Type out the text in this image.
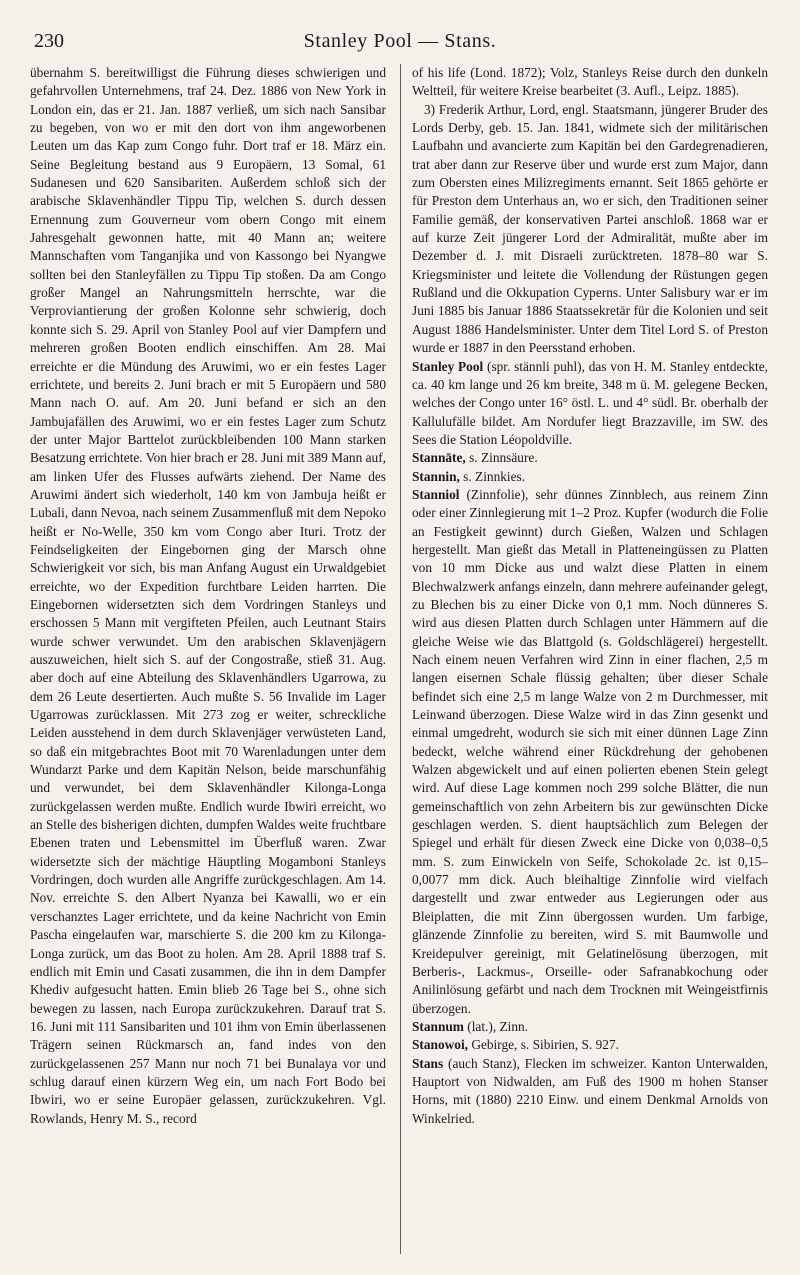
230	Stanley Pool — Stans.

übernahm S. bereitwilligst die Führung dieses schwierigen und gefahrvollen Unternehmens, traf 24. Dez. 1886 von New York in London ein, das er 21. Jan. 1887 verließ, um sich nach Sansibar zu begeben, von wo er mit den dort von ihm angeworbenen Leuten um das Kap zum Congo fuhr. Dort traf er 18. März ein. Seine Begleitung bestand aus 9 Europäern, 13 Somal, 61 Sudanesen und 620 Sansibariten. Außerdem schloß sich der arabische Sklavenhändler Tippu Tip, welchen S. durch dessen Ernennung zum Gouverneur vom obern Congo mit einem Jahresgehalt gewonnen hatte, mit 40 Mann an; weitere Mannschaften vom Tanganjika und von Kassongo bei Nyangwe sollten bei den Stanleyfällen zu Tippu Tip stoßen. Da am Congo großer Mangel an Nahrungsmitteln herrschte, war die Verproviantierung der großen Kolonne sehr schwierig, doch konnte sich S. 29. April von Stanley Pool auf vier Dampfern und mehreren großen Booten endlich einschiffen. Am 28. Mai erreichte er die Mündung des Aruwimi, wo er ein festes Lager errichtete, und bereits 2. Juni brach er mit 5 Europäern und 580 Mann nach O. auf. Am 20. Juni befand er sich an den Jambujafällen des Aruwimi, wo er ein festes Lager zum Schutz der unter Major Barttelot zurückbleibenden 100 Mann starken Besatzung errichtete. Von hier brach er 28. Juni mit 389 Mann auf, am linken Ufer des Flusses aufwärts ziehend. Der Name des Aruwimi ändert sich wiederholt, 140 km von Jambuja heißt er Lubali, dann Nevoa, nach seinem Zusammenfluß mit dem Nepoko heißt er No-Welle, 350 km vom Congo aber Ituri. Trotz der Feindseligkeiten der Eingebornen ging der Marsch ohne Schwierigkeit vor sich, bis man Anfang August ein Urwaldgebiet erreichte, wo der Expedition furchtbare Leiden harrten. Die Eingebornen widersetzten sich dem Vordringen Stanleys und erschossen 5 Mann mit vergifteten Pfeilen, auch Leutnant Stairs wurde schwer verwundet. Um den arabischen Sklavenjägern auszuweichen, hielt sich S. auf der Congostraße, stieß 31. Aug. aber doch auf eine Abteilung des Sklavenhändlers Ugarrowa, zu dem 26 Leute desertierten. Auch mußte S. 56 Invalide im Lager Ugarrowas zurücklassen. Mit 273 zog er weiter, schreckliche Leiden ausstehend in dem durch Sklavenjäger verwüsteten Land, so daß ein mitgebrachtes Boot mit 70 Warenladungen unter dem Wundarzt Parke und dem Kapitän Nelson, beide marschunfähig und verwundet, bei dem Sklavenhändler Kilonga-Longa zurückgelassen werden mußte. Endlich wurde Ibwiri erreicht, wo an Stelle des bisherigen dichten, dumpfen Waldes weite fruchtbare Ebenen traten und Lebensmittel im Überfluß waren. Zwar widersetzte sich der mächtige Häuptling Mogamboni Stanleys Vordringen, doch wurden alle Angriffe zurückgeschlagen. Am 14. Nov. erreichte S. den Albert Nyanza bei Kawalli, wo er ein verschanztes Lager errichtete, und da keine Nachricht von Emin Pascha eingelaufen war, marschierte S. die 200 km zu Kilonga-Longa zurück, um das Boot zu holen. Am 28. April 1888 traf S. endlich mit Emin und Casati zusammen, die ihn in dem Dampfer Khediv aufgesucht hatten. Emin blieb 26 Tage bei S., ohne sich bewegen zu lassen, nach Europa zurückzukehren. Darauf trat S. 16. Juni mit 111 Sansibariten und 101 ihm von Emin überlassenen Trägern seinen Rückmarsch an, fand indes von den zurückgelassenen 257 Mann nur noch 71 bei Bunalaya vor und schlug darauf einen kürzern Weg ein, um nach Fort Bodo bei Ibwiri, wo er seine Europäer gelassen, zurückzukehren. Vgl. Rowlands, Henry M. S., record

of his life (Lond. 1872); Volz, Stanleys Reise durch den dunkeln Weltteil, für weitere Kreise bearbeitet (3. Aufl., Leipz. 1885).

3) Frederik Arthur, Lord, engl. Staatsmann, jüngerer Bruder des Lords Derby, geb. 15. Jan. 1841, widmete sich der militärischen Laufbahn und avancierte zum Kapitän bei den Gardegrenadieren, trat aber dann zur Reserve über und wurde erst zum Major, dann zum Obersten eines Milizregiments ernannt. Seit 1865 gehörte er für Preston dem Unterhaus an, wo er sich, den Traditionen seiner Familie gemäß, der konservativen Partei anschloß. 1868 war er auf kurze Zeit jüngerer Lord der Admiralität, mußte aber im Dezember d. J. mit Disraeli zurücktreten. 1878–80 war S. Kriegsminister und leitete die Vollendung der Rüstungen gegen Rußland und die Okkupation Cyperns. Unter Salisbury war er im Juni 1885 bis Januar 1886 Staatssekretär für die Kolonien und seit August 1886 Handelsminister. Unter dem Titel Lord S. of Preston wurde er 1887 in den Peersstand erhoben.

Stanley Pool (spr. stännli puhl), das von H. M. Stanley entdeckte, ca. 40 km lange und 26 km breite, 348 m ü. M. gelegene Becken, welches der Congo unter 16° östl. L. und 4° südl. Br. oberhalb der Kallulufälle bildet. Am Nordufer liegt Brazzaville, im SW. des Sees die Station Léopoldville.

Stannāte, s. Zinnsäure.

Stannin, s. Zinnkies.

Stanniol (Zinnfolie), sehr dünnes Zinnblech, aus reinem Zinn oder einer Zinnlegierung mit 1–2 Proz. Kupfer (wodurch die Folie an Festigkeit gewinnt) durch Gießen, Walzen und Schlagen hergestellt. Man gießt das Metall in Platteneingüssen zu Platten von 10 mm Dicke aus und walzt diese Platten in einem Blechwalzwerk anfangs einzeln, dann mehrere aufeinander gelegt, zu Blechen bis zu einer Dicke von 0,1 mm. Noch dünneres S. wird aus diesen Platten durch Schlagen unter Hämmern auf die gleiche Weise wie das Blattgold (s. Goldschlägerei) hergestellt. Nach einem neuen Verfahren wird Zinn in einer flachen, 2,5 m langen eisernen Schale flüssig gehalten; über dieser Schale befindet sich eine 2,5 m lange Walze von 2 m Durchmesser, mit Leinwand überzogen. Diese Walze wird in das Zinn gesenkt und einmal umgedreht, wodurch sie sich mit einer dünnen Lage Zinn bedeckt, welche während einer Rückdrehung der gehobenen Walzen abgewickelt und auf einen polierten ebenen Stein gelegt wird. Auf diese Lage kommen noch 299 solche Blätter, die nun gemeinschaftlich von zehn Arbeitern bis zur gewünschten Dicke geschlagen werden. S. dient hauptsächlich zum Belegen der Spiegel und erhält für diesen Zweck eine Dicke von 0,038–0,5 mm. S. zum Einwickeln von Seife, Schokolade 2c. ist 0,15–0,0077 mm dick. Auch bleihaltige Zinnfolie wird vielfach dargestellt und zwar entweder aus Legierungen oder aus Bleiplatten, die mit Zinn übergossen wurden. Um farbige, glänzende Zinnfolie zu bereiten, wird S. mit Baumwolle und Kreidepulver gereinigt, mit Gelatinelösung überzogen, mit Berberis-, Lackmus-, Orseille- oder Safranabkochung oder Anilinlösung gefärbt und nach dem Trocknen mit Weingeistfirnis überzogen.

Stannum (lat.), Zinn.

Stanowoi, Gebirge, s. Sibirien, S. 927.

Stans (auch Stanz), Flecken im schweizer. Kanton Unterwalden, Hauptort von Nidwalden, am Fuß des 1900 m hohen Stanser Horns, mit (1880) 2210 Einw. und einem Denkmal Arnolds von Winkelried.
